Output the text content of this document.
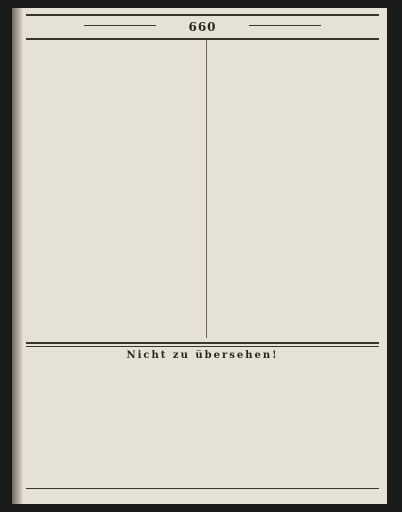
660

Nicht zu übersehen!
